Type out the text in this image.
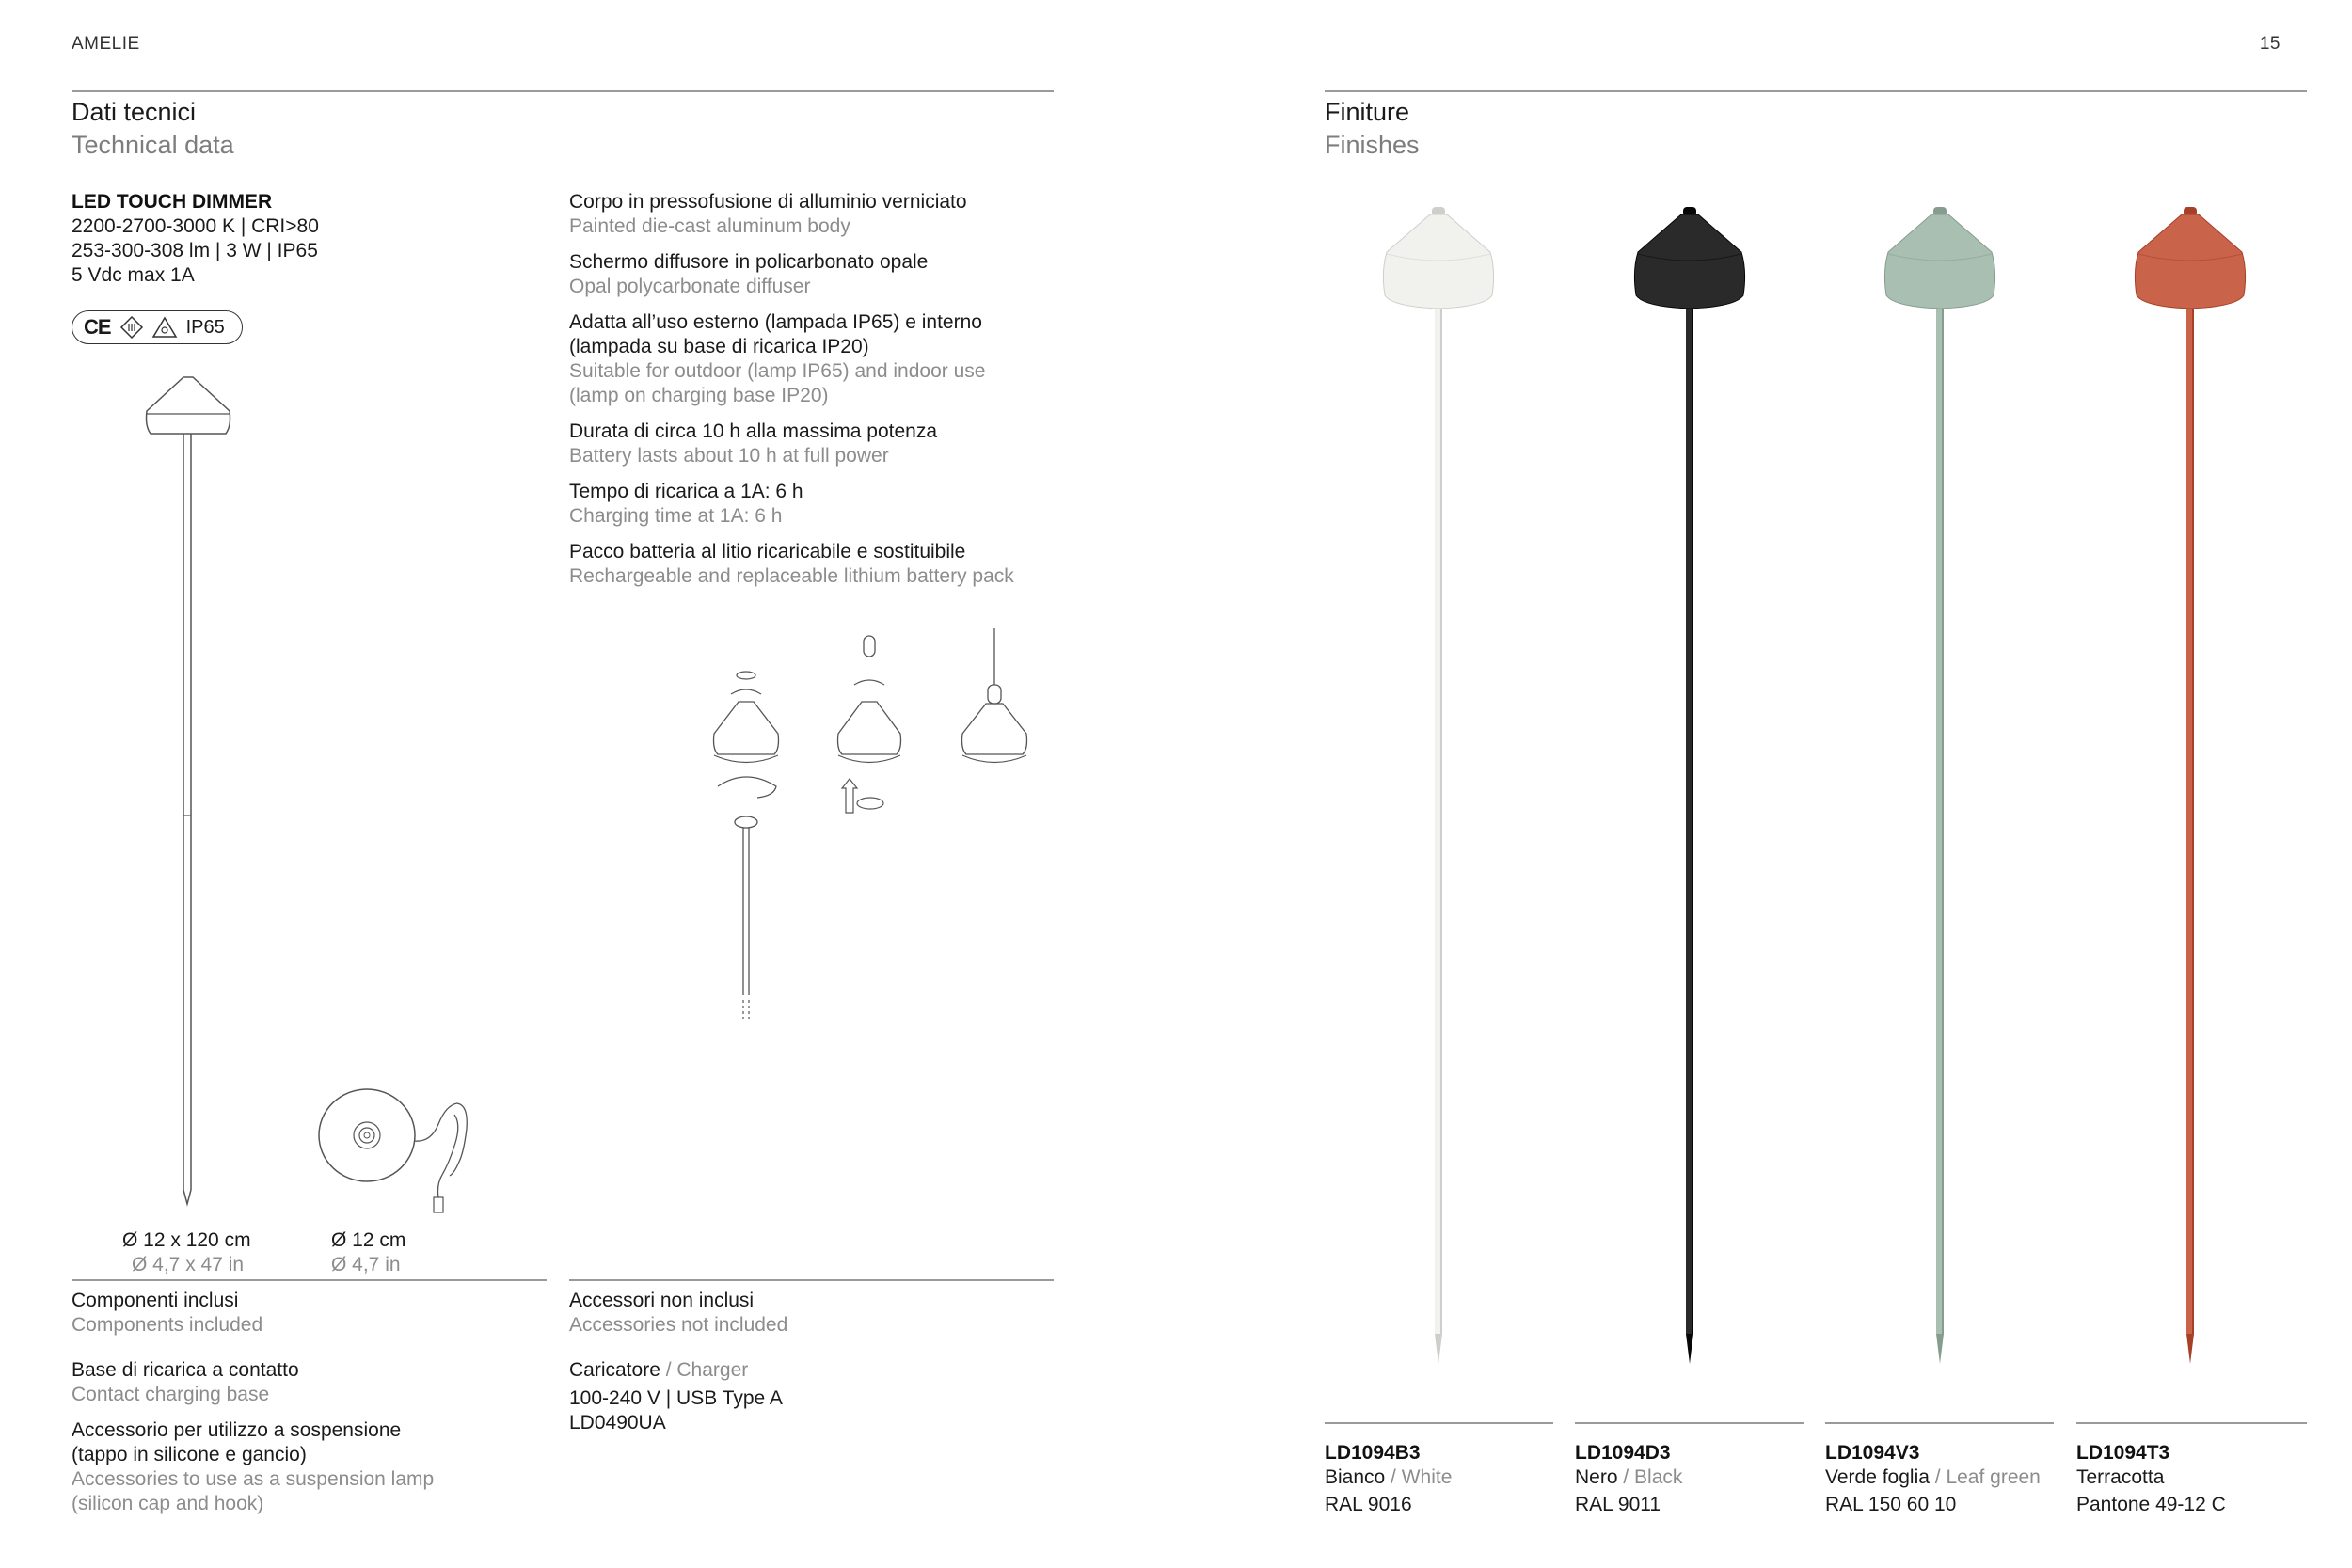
AMELIE	15
Dati tecnici
Technical data
LED TOUCH DIMMER
2200-2700-3000 K | CRI>80
253-300-308 lm | 3 W | IP65
5 Vdc max 1A
CE	IP65
Corpo in pressofusione di alluminio verniciato
Painted die-cast aluminum body
Schermo diffusore in policarbonato opale
Opal polycarbonate diffuser
Adatta all’uso esterno (lampada IP65) e interno (lampada su base di ricarica IP20)
Suitable for outdoor (lamp IP65) and indoor use (lamp on charging base IP20)
Durata di circa 10 h alla massima potenza
Battery lasts about 10 h at full power
Tempo di ricarica a 1A: 6 h
Charging time at 1A: 6 h
Pacco batteria al litio ricaricabile e sostituibile
Rechargeable and replaceable lithium battery pack
Ø 12 x 120 cm
Ø 4,7 x 47 in
Ø 12 cm
Ø 4,7 in
Componenti inclusi
Components included
Base di ricarica a contatto
Contact charging base
Accessorio per utilizzo a sospensione (tappo in silicone e gancio)
Accessories to use as a suspension lamp (silicon cap and hook)
Accessori non inclusi
Accessories not included
Caricatore / Charger
100-240 V | USB Type A
LD0490UA
Finiture
Finishes
LD1094B3
Bianco / White
RAL 9016
LD1094D3
Nero / Black
RAL 9011
LD1094V3
Verde foglia / Leaf green
RAL 150 60 10
LD1094T3
Terracotta
Pantone 49-12 C
